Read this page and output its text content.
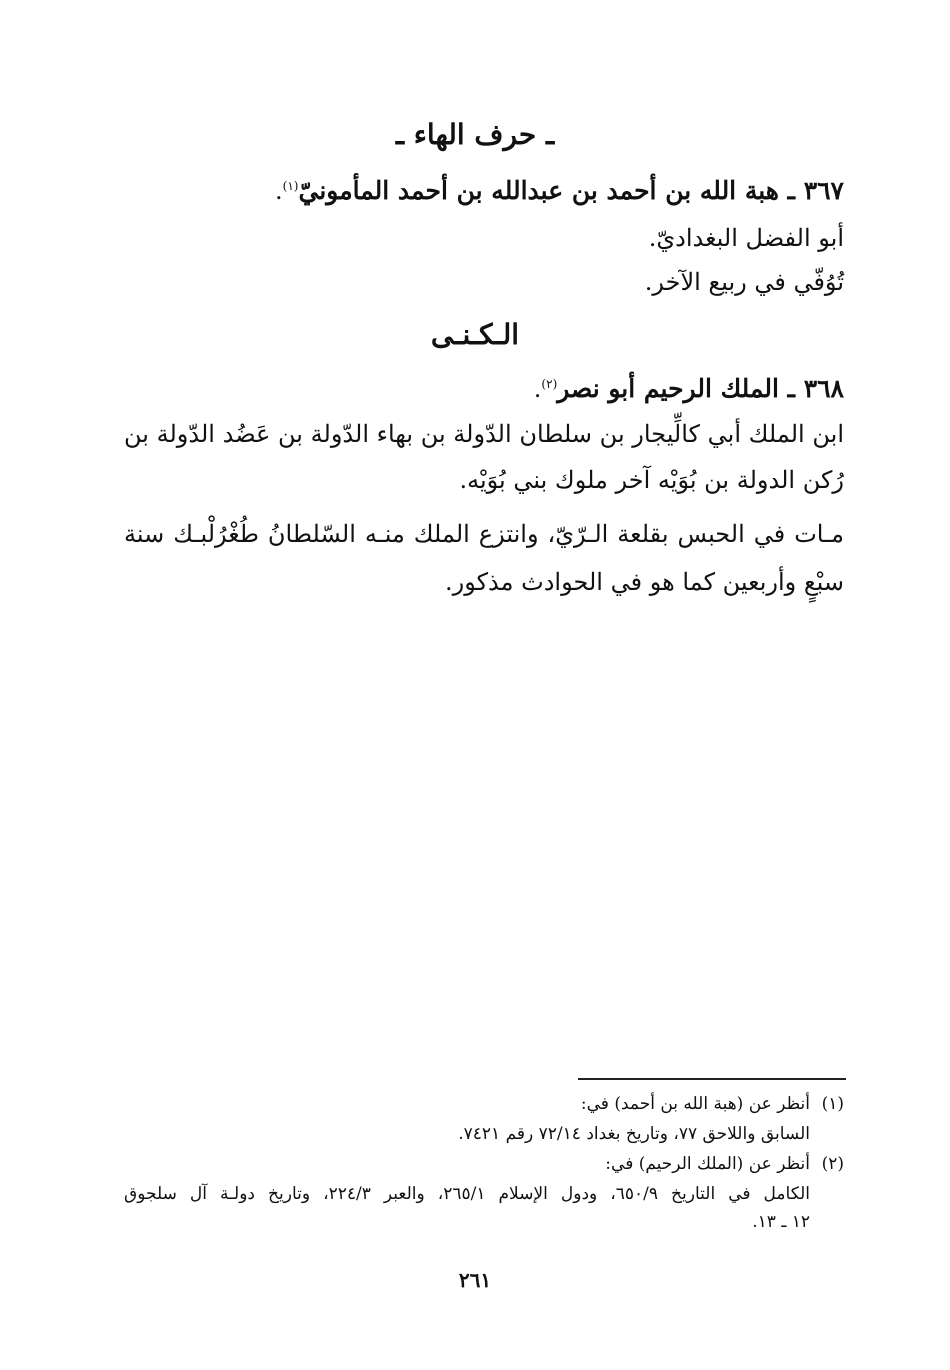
ـ حرف الهاء ـ
٣٦٧ ـ هبة الله بن أحمد بن عبدالله بن أحمد المأمونيّ$^{(١)}$.
أبو الفضل البغداديّ.
تُوُفّي في ربيع الآخر.
الـكـنـى
٣٦٨ ـ الملك الرحيم أبو نصر$^{(٢)}$.
ابن الملك أبي كالِّيجار بن سلطان الدّولة بن بهاء الدّولة بن عَضُد الدّولة بن
رُكن الدولة بن بُوَيْه آخر ملوك بني بُوَيْه.
مـات في الحبس بقلعة الـرّيّ، وانتزع الملك منـه السّلطانُ طُغْرُلْبـك سنة
سبْعٍ وأربعين كما هو في الحوادث مذكور.
(١)أنظر عن (هبة الله بن أحمد) في:
السابق واللاحق ٧٧، وتاريخ بغداد ٧٢/١٤ رقم ٧٤٢١.
(٢)أنظر عن (الملك الرحيم) في:
الكامل في التاريخ ٦٥٠/٩، ودول الإسلام ٢٦٥/١، والعبر ٢٢٤/٣، وتاريخ دولـة آل سلجوق
١٢ ـ ١٣.
٢٦١
